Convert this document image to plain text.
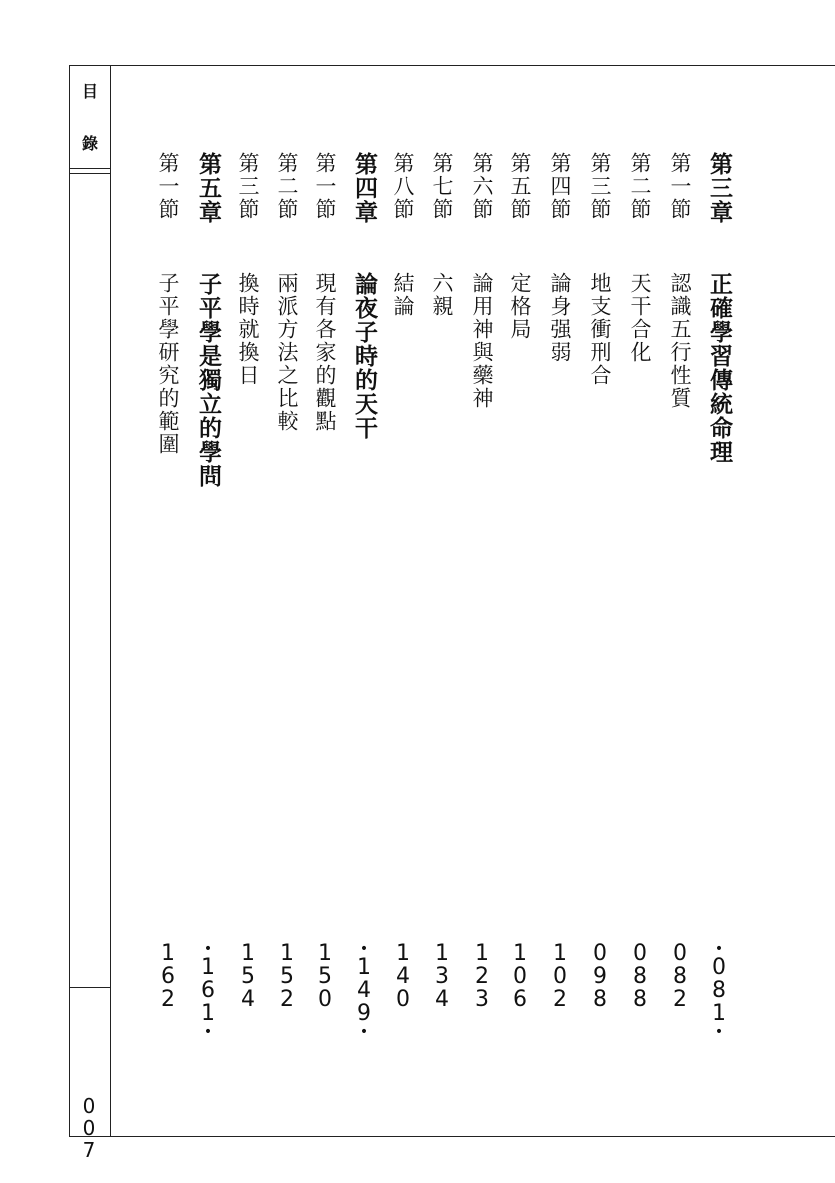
目
錄
0
0
7
第三章
正確學習傳統命理
•
0
8
1
•
第一節
認識五行性質
0
8
2
第二節
天干合化
0
8
8
第三節
地支衝刑合
0
9
8
第四節
論身强弱
1
0
2
第五節
定格局
1
0
6
第六節
論用神與藥神
1
2
3
第七節
六親
1
3
4
第八節
結論
1
4
0
第四章
論夜子時的天干
•
1
4
9
•
第一節
現有各家的觀點
1
5
0
第二節
兩派方法之比較
1
5
2
第三節
換時就換日
1
5
4
第五章
子平學是獨立的學問
•
1
6
1
•
第一節
子平學研究的範圍
1
6
2
